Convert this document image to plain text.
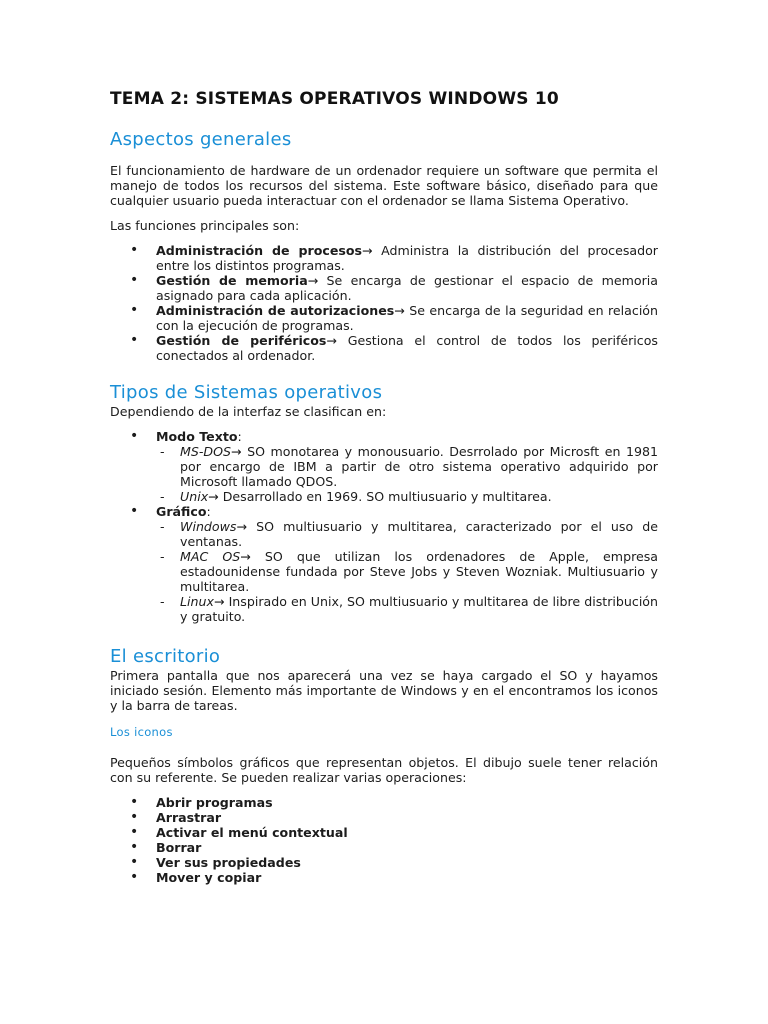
TEMA 2: SISTEMAS OPERATIVOS WINDOWS 10
Aspectos generales

El funcionamiento de hardware de un ordenador requiere un software que permita el manejo de todos los recursos del sistema. Este software básico, diseñado para que cualquier usuario pueda interactuar con el ordenador se llama Sistema Operativo.

Las funciones principales son:

• Administración de procesos→ Administra la distribución del procesador entre los distintos programas.
• Gestión de memoria→ Se encarga de gestionar el espacio de memoria asignado para cada aplicación.
• Administración de autorizaciones→ Se encarga de la seguridad en relación con la ejecución de programas.
• Gestión de periféricos→ Gestiona el control de todos los periféricos conectados al ordenador.
Tipos de Sistemas operativos

Dependiendo de la interfaz se clasifican en:

• Modo Texto:
- MS-DOS→ SO monotarea y monousuario. Desrrolado por Microsft en 1981 por encargo de IBM a partir de otro sistema operativo adquirido por Microsoft llamado QDOS.
- Unix→ Desarrollado en 1969. SO multiusuario y multitarea.
• Gráfico:
- Windows→ SO multiusuario y multitarea, caracterizado por el uso de ventanas.
- MAC OS→ SO que utilizan los ordenadores de Apple, empresa estadounidense fundada por Steve Jobs y Steven Wozniak. Multiusuario y multitarea.
- Linux→ Inspirado en Unix, SO multiusuario y multitarea de libre distribución y gratuito.
El escritorio

Primera pantalla que nos aparecerá una vez se haya cargado el SO y hayamos iniciado sesión. Elemento más importante de Windows y en el encontramos los iconos y la barra de tareas.

Los iconos

Pequeños símbolos gráficos que representan objetos. El dibujo suele tener relación con su referente. Se pueden realizar varias operaciones:

• Abrir programas
• Arrastrar
• Activar el menú contextual
• Borrar
• Ver sus propiedades
• Mover y copiar
